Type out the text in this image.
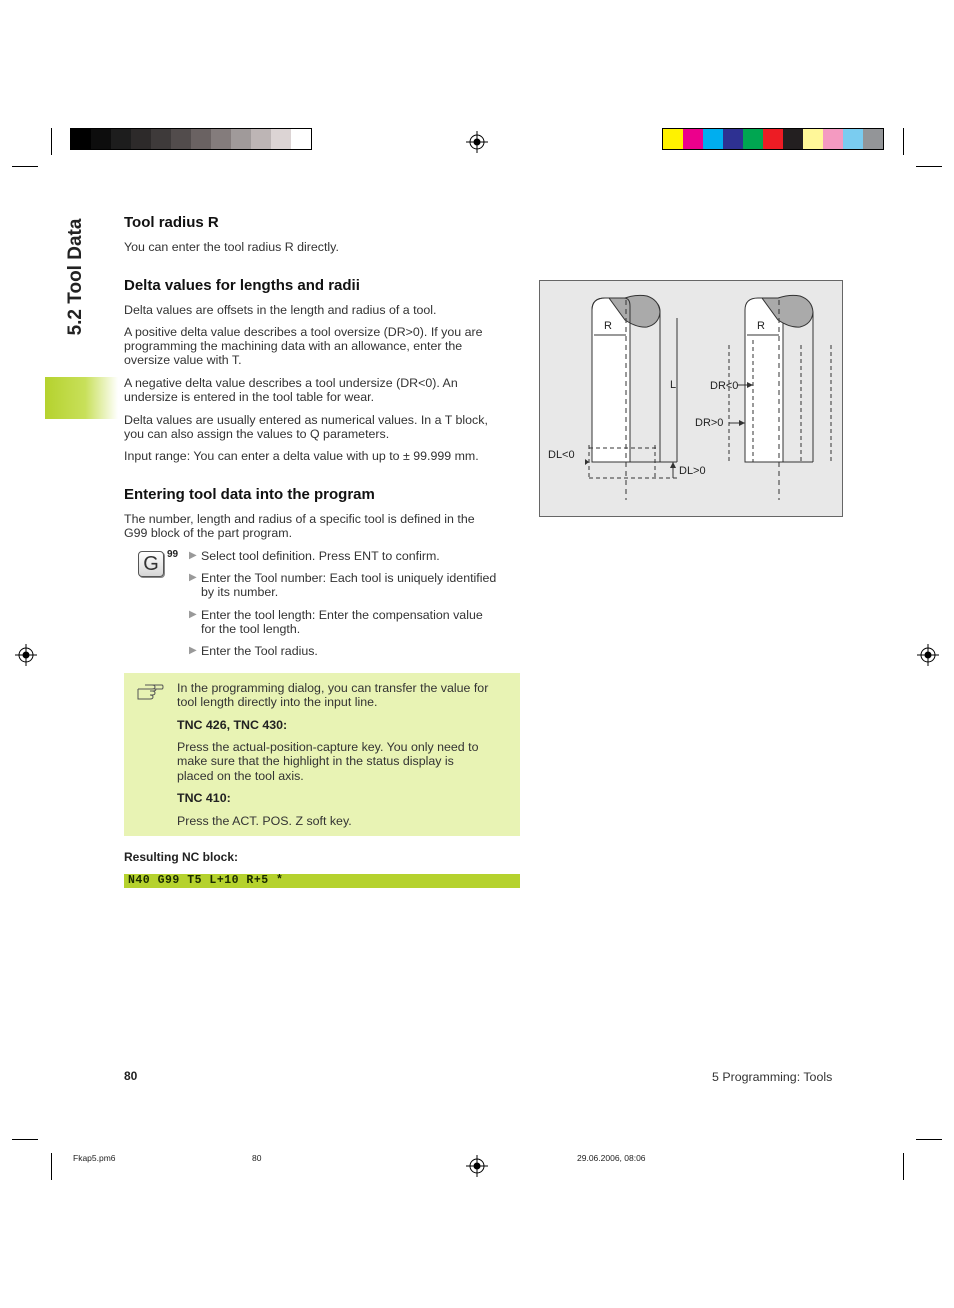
5.2 Tool Data	Tool radius R

You can enter the tool radius R directly.

Delta values for lengths and radii

Delta values are offsets in the length and radius of a tool.

A positive delta value describes a tool oversize (DR>0). If you are

programming the machining data with an allowance, enter the

oversize value with T.

A negative delta value describes a tool undersize (DR<0). An

undersize is entered in the tool table for wear.

Delta values are usually entered as numerical values. In a T block,

you can also assign the values to Q parameters.

Input range: You can enter a delta value with up to ± 99.999 mm.

Entering tool data into the program

The number, length and radius of a specific tool is defined in the

G99 block of the part program.

G 99 ▶ Select tool definition. Press ENT to confirm.
▶ Enter the Tool number: Each tool is uniquely identified
by its number.
▶ Enter the tool length: Enter the compensation value
for the tool length.
▶ Enter the Tool radius.

In the programming dialog, you can transfer the value for

tool length directly into the input line.

TNC 426, TNC 430:

Press the actual-position-capture key. You only need to

make sure that the highlight in the status display is

placed on the tool axis.

TNC 410:

Press the ACT. POS. Z soft key.

Resulting NC block:

N40 G99 T5 L+10 R+5 *
R	R
L	DR<0
DR>0
DL<0
DL>0

80	5 Programming: Tools

Fkap5.pm6	80	29.06.2006, 08:06
